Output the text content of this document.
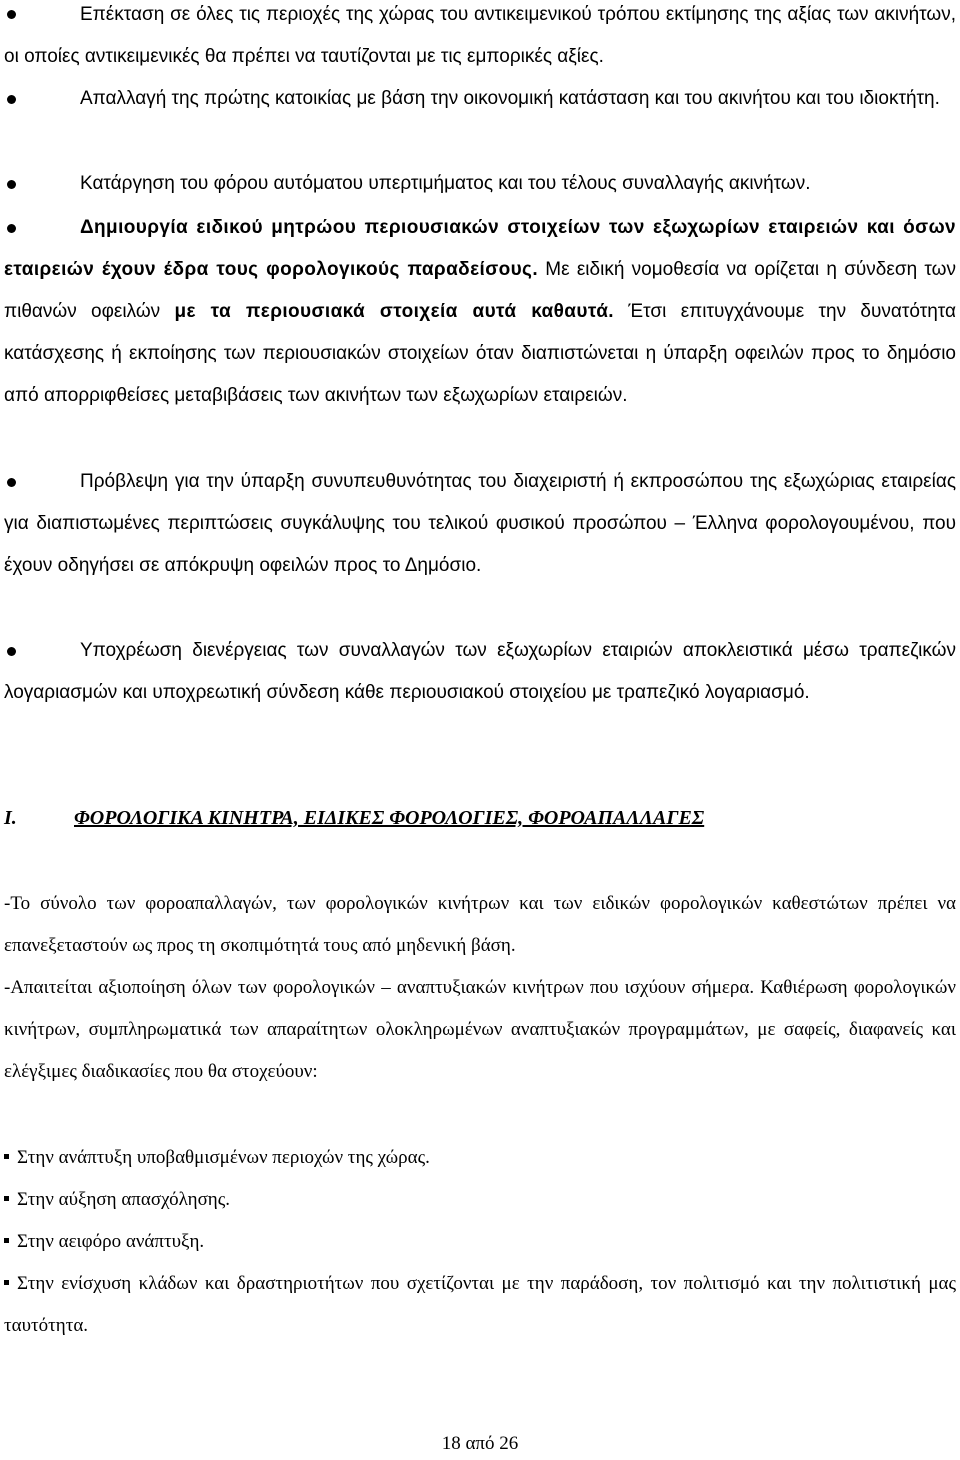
Επέκταση σε όλες τις περιοχές της χώρας του αντικειμενικού τρόπου εκτίμησης της αξίας των ακινήτων, οι οποίες αντικειμενικές θα πρέπει να ταυτίζονται με τις εμπορικές αξίες.

Απαλλαγή της πρώτης κατοικίας με βάση την οικονομική κατάσταση και του ακινήτου και του ιδιοκτήτη.

Κατάργηση του φόρου αυτόματου υπερτιμήματος και του τέλους συναλλαγής ακινήτων.

Δημιουργία ειδικού μητρώου περιουσιακών στοιχείων των εξωχωρίων εταιρειών και όσων εταιρειών έχουν έδρα τους φορολογικούς παραδείσους. Με ειδική νομοθεσία να ορίζεται η σύνδεση των πιθανών οφειλών με τα περιουσιακά στοιχεία αυτά καθαυτά. Έτσι επιτυγχάνουμε την δυνατότητα κατάσχεσης ή εκποίησης των περιουσιακών στοιχείων όταν διαπιστώνεται η ύπαρξη οφειλών προς το δημόσιο από απορριφθείσες μεταβιβάσεις των ακινήτων των εξωχωρίων εταιρειών.

Πρόβλεψη για την ύπαρξη συνυπευθυνότητας του διαχειριστή ή εκπροσώπου της εξωχώριας εταιρείας για διαπιστωμένες περιπτώσεις συγκάλυψης του τελικού φυσικού προσώπου – Έλληνα φορολογουμένου, που έχουν οδηγήσει σε απόκρυψη οφειλών προς το Δημόσιο.

Υποχρέωση διενέργειας των συναλλαγών των εξωχωρίων εταιριών αποκλειστικά μέσω τραπεζικών λογαριασμών και υποχρεωτική σύνδεση κάθε περιουσιακού στοιχείου με τραπεζικό λογαριασμό.

I.	ΦΟΡΟΛΟΓΙΚΑ ΚΙΝΗΤΡΑ, ΕΙΔΙΚΕΣ ΦΟΡΟΛΟΓΙΕΣ, ΦΟΡΟΑΠΑΛΛΑΓΕΣ

-Το σύνολο των φοροαπαλλαγών, των φορολογικών κινήτρων και των ειδικών φορολογικών καθεστώτων πρέπει να επανεξεταστούν ως προς τη σκοπιμότητά τους από μηδενική βάση.

-Απαιτείται αξιοποίηση όλων των φορολογικών – αναπτυξιακών κινήτρων που ισχύουν σήμερα. Καθιέρωση φορολογικών κινήτρων, συμπληρωματικά των απαραίτητων ολοκληρωμένων αναπτυξιακών προγραμμάτων, με σαφείς, διαφανείς και ελέγξιμες διαδικασίες που θα στοχεύουν:

Στην ανάπτυξη υποβαθμισμένων περιοχών της χώρας.

Στην αύξηση απασχόλησης.

Στην αειφόρο ανάπτυξη.

Στην ενίσχυση κλάδων και δραστηριοτήτων που σχετίζονται με την παράδοση, τον πολιτισμό και την πολιτιστική μας ταυτότητα.

18 από 26
